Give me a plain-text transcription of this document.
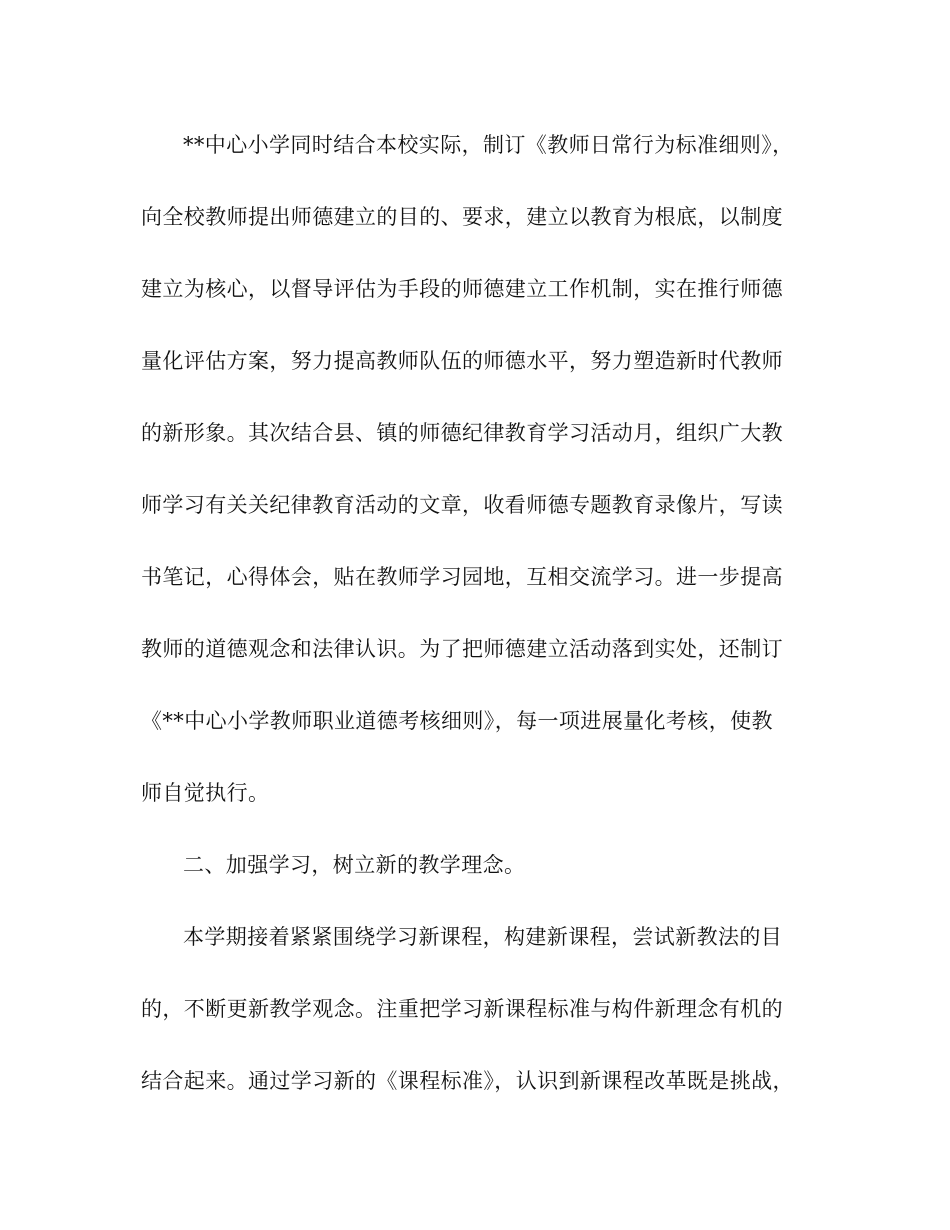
**中心小学同时结合本校实际，制订《教师日常行为标准细则》，
向全校教师提出师德建立的目的、要求，建立以教育为根底，以制度
建立为核心，以督导评估为手段的师德建立工作机制，实在推行师德
量化评估方案，努力提高教师队伍的师德水平，努力塑造新时代教师
的新形象。其次结合县、镇的师德纪律教育学习活动月，组织广大教
师学习有关关纪律教育活动的文章，收看师德专题教育录像片，写读
书笔记，心得体会，贴在教师学习园地，互相交流学习。进一步提高
教师的道德观念和法律认识。为了把师德建立活动落到实处，还制订
《**中心小学教师职业道德考核细则》，每一项进展量化考核，使教
师自觉执行。
二、加强学习，树立新的教学理念。
本学期接着紧紧围绕学习新课程，构建新课程，尝试新教法的目
的，不断更新教学观念。注重把学习新课程标准与构件新理念有机的
结合起来。通过学习新的《课程标准》，认识到新课程改革既是挑战，
